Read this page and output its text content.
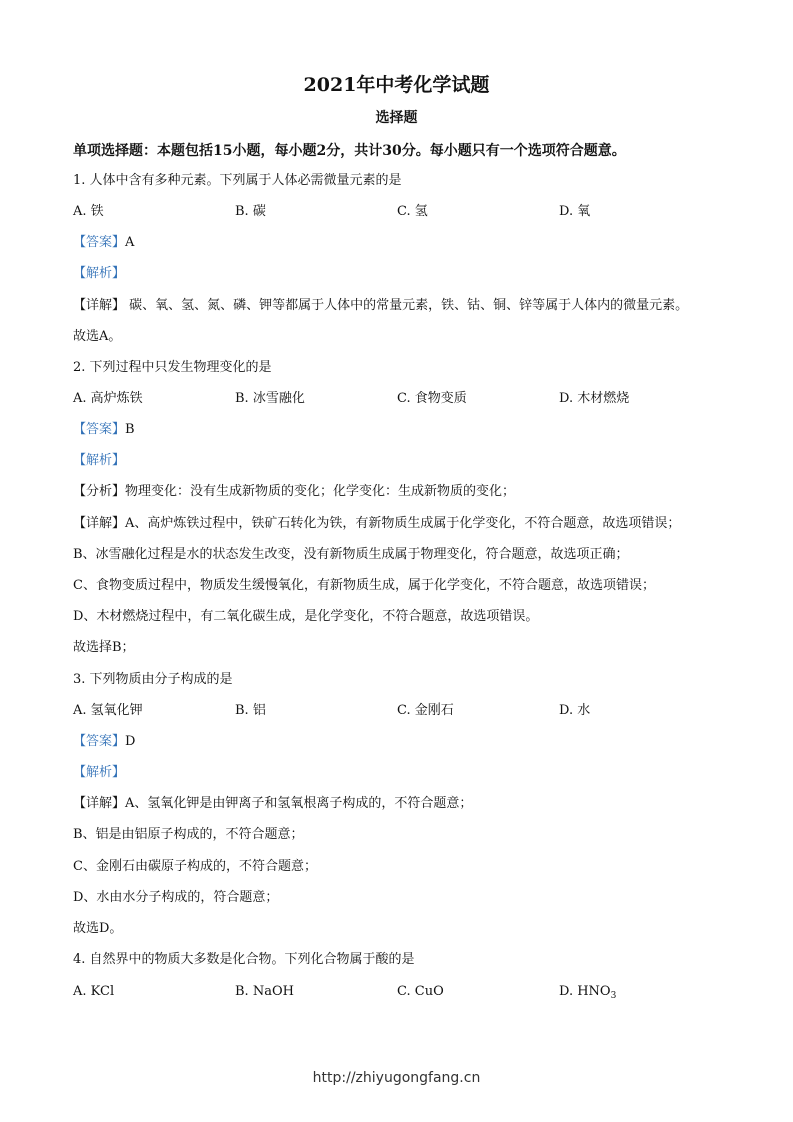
2021年中考化学试题
选择题
单项选择题：本题包括15小题，每小题2分，共计30分。每小题只有一个选项符合题意。
1. 人体中含有多种元素。下列属于人体必需微量元素的是
A. 铁	B. 碳	C. 氢	D. 氧
【答案】A
【解析】
【详解】 碳、氧、氢、氮、磷、钾等都属于人体中的常量元素，铁、钴、铜、锌等属于人体内的微量元素。
故选A。
2. 下列过程中只发生物理变化的是
A. 高炉炼铁	B. 冰雪融化	C. 食物变质	D. 木材燃烧
【答案】B
【解析】
【分析】物理变化：没有生成新物质的变化；化学变化：生成新物质的变化；
【详解】A、高炉炼铁过程中，铁矿石转化为铁，有新物质生成属于化学变化，不符合题意，故选项错误；
B、冰雪融化过程是水的状态发生改变，没有新物质生成属于物理变化，符合题意，故选项正确；
C、食物变质过程中，物质发生缓慢氧化，有新物质生成，属于化学变化，不符合题意，故选项错误；
D、木材燃烧过程中，有二氧化碳生成，是化学变化，不符合题意，故选项错误。
故选择B；
3. 下列物质由分子构成的是
A. 氢氧化钾	B. 铝	C. 金刚石	D. 水
【答案】D
【解析】
【详解】A、氢氧化钾是由钾离子和氢氧根离子构成的，不符合题意；
B、铝是由铝原子构成的，不符合题意；
C、金刚石由碳原子构成的，不符合题意；
D、水由水分子构成的，符合题意；
故选D。
4. 自然界中的物质大多数是化合物。下列化合物属于酸的是
A. KCl	B. NaOH	C. CuO	D. $HNO_3$
http://zhiyugongfang.cn
